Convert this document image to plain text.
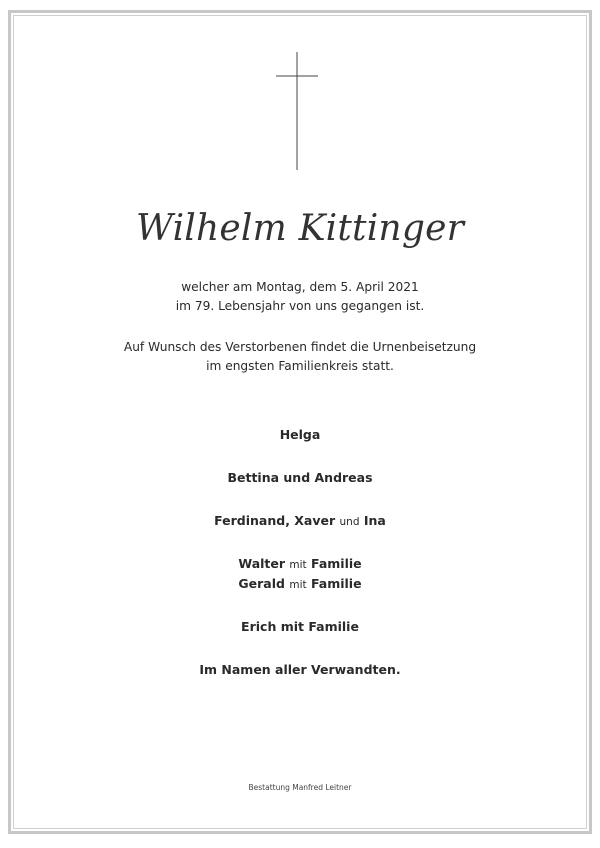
Wilhelm Kittinger
welcher am Montag, dem 5. April 2021
im 79. Lebensjahr von uns gegangen ist.
Auf Wunsch des Verstorbenen findet die Urnenbeisetzung
im engsten Familienkreis statt.
Helga
Bettina und Andreas
Ferdinand, Xaver und Ina
Walter mit Familie
Gerald mit Familie
Erich mit Familie
Im Namen aller Verwandten.
Bestattung Manfred Leitner
